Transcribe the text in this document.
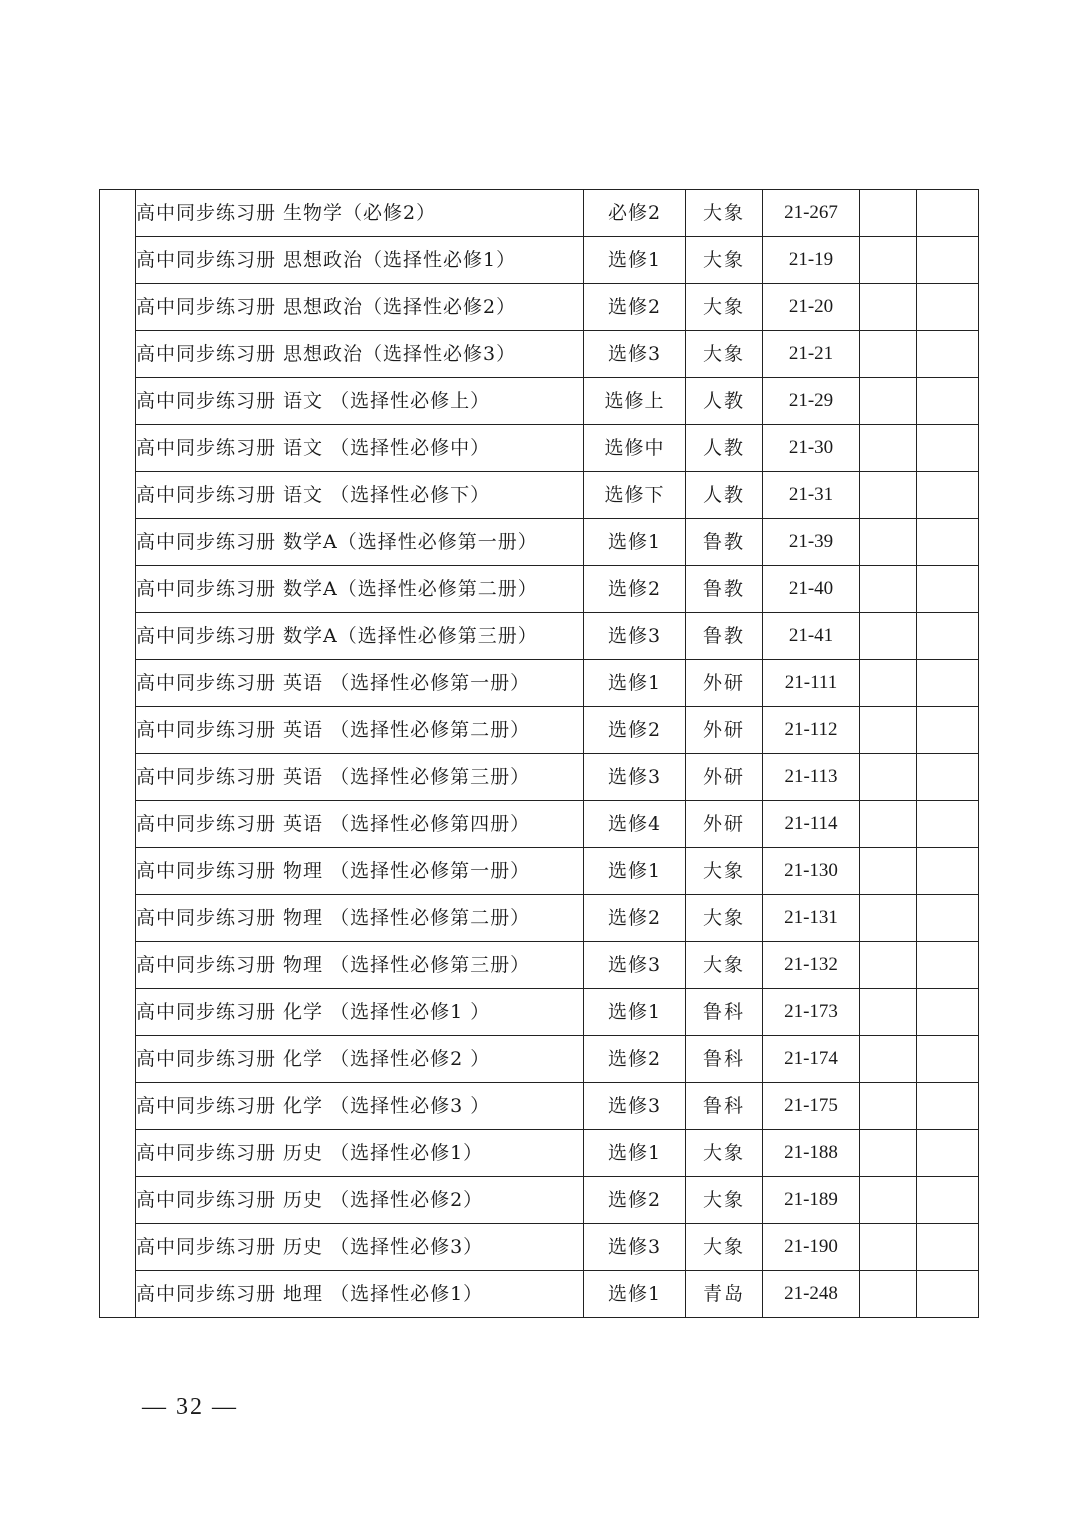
	高中同步练习册 生物学（必修2）	必修2	大象	21-267		
	高中同步练习册 思想政治（选择性必修1）	选修1	大象	21-19		
	高中同步练习册 思想政治（选择性必修2）	选修2	大象	21-20		
	高中同步练习册 思想政治（选择性必修3）	选修3	大象	21-21		
	高中同步练习册 语文 （选择性必修上）	选修上	人教	21-29		
	高中同步练习册 语文 （选择性必修中）	选修中	人教	21-30		
	高中同步练习册 语文 （选择性必修下）	选修下	人教	21-31		
	高中同步练习册 数学A（选择性必修第一册）	选修1	鲁教	21-39		
	高中同步练习册 数学A（选择性必修第二册）	选修2	鲁教	21-40		
	高中同步练习册 数学A（选择性必修第三册）	选修3	鲁教	21-41		
	高中同步练习册 英语 （选择性必修第一册）	选修1	外研	21-111		
	高中同步练习册 英语 （选择性必修第二册）	选修2	外研	21-112		
	高中同步练习册 英语 （选择性必修第三册）	选修3	外研	21-113		
	高中同步练习册 英语 （选择性必修第四册）	选修4	外研	21-114		
	高中同步练习册 物理 （选择性必修第一册）	选修1	大象	21-130		
	高中同步练习册 物理 （选择性必修第二册）	选修2	大象	21-131		
	高中同步练习册 物理 （选择性必修第三册）	选修3	大象	21-132		
	高中同步练习册 化学 （选择性必修1 ）	选修1	鲁科	21-173		
	高中同步练习册 化学 （选择性必修2 ）	选修2	鲁科	21-174		
	高中同步练习册 化学 （选择性必修3 ）	选修3	鲁科	21-175		
	高中同步练习册 历史 （选择性必修1）	选修1	大象	21-188		
	高中同步练习册 历史 （选择性必修2）	选修2	大象	21-189		
	高中同步练习册 历史 （选择性必修3）	选修3	大象	21-190		
	高中同步练习册 地理 （选择性必修1）	选修1	青岛	21-248		
— 32 —
